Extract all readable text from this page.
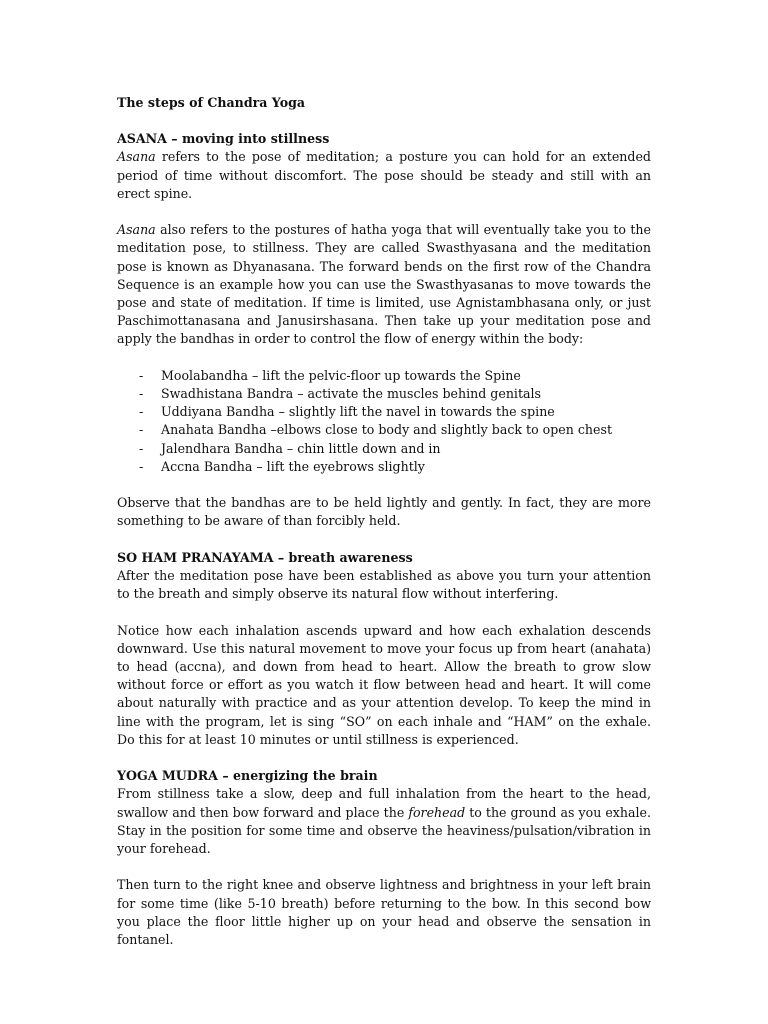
The steps of Chandra Yoga

ASANA – moving into stillness

Asana refers to the pose of meditation; a posture you can hold for an extended period of time without discomfort. The pose should be steady and still with an erect spine.

Asana also refers to the postures of hatha yoga that will eventually take you to the meditation pose, to stillness. They are called Swasthyasana and the meditation pose is known as Dhyanasana. The forward bends on the first row of the Chandra Sequence is an example how you can use the Swasthyasanas to move towards the pose and state of meditation. If time is limited, use Agnistambhasana only, or just Paschimottanasana and Janusirshasana. Then take up your meditation pose and apply the bandhas in order to control the flow of energy within the body:

- Moolabandha – lift the pelvic-floor up towards the Spine
- Swadhistana Bandra – activate the muscles behind genitals
- Uddiyana Bandha – slightly lift the navel in towards the spine
- Anahata Bandha –elbows close to body and slightly back to open chest
- Jalendhara Bandha – chin little down and in
- Accna Bandha – lift the eyebrows slightly

Observe that the bandhas are to be held lightly and gently. In fact, they are more something to be aware of than forcibly held.

SO HAM PRANAYAMA – breath awareness

After the meditation pose have been established as above you turn your attention to the breath and simply observe its natural flow without interfering.

Notice how each inhalation ascends upward and how each exhalation descends downward. Use this natural movement to move your focus up from heart (anahata) to head (accna), and down from head to heart. Allow the breath to grow slow without force or effort as you watch it flow between head and heart. It will come about naturally with practice and as your attention develop. To keep the mind in line with the program, let is sing “SO” on each inhale and “HAM” on the exhale. Do this for at least 10 minutes or until stillness is experienced.

YOGA MUDRA – energizing the brain

From stillness take a slow, deep and full inhalation from the heart to the head, swallow and then bow forward and place the forehead to the ground as you exhale. Stay in the position for some time and observe the heaviness/pulsation/vibration in your forehead.

Then turn to the right knee and observe lightness and brightness in your left brain for some time (like 5-10 breath) before returning to the bow. In this second bow you place the floor little higher up on your head and observe the sensation in fontanel.
